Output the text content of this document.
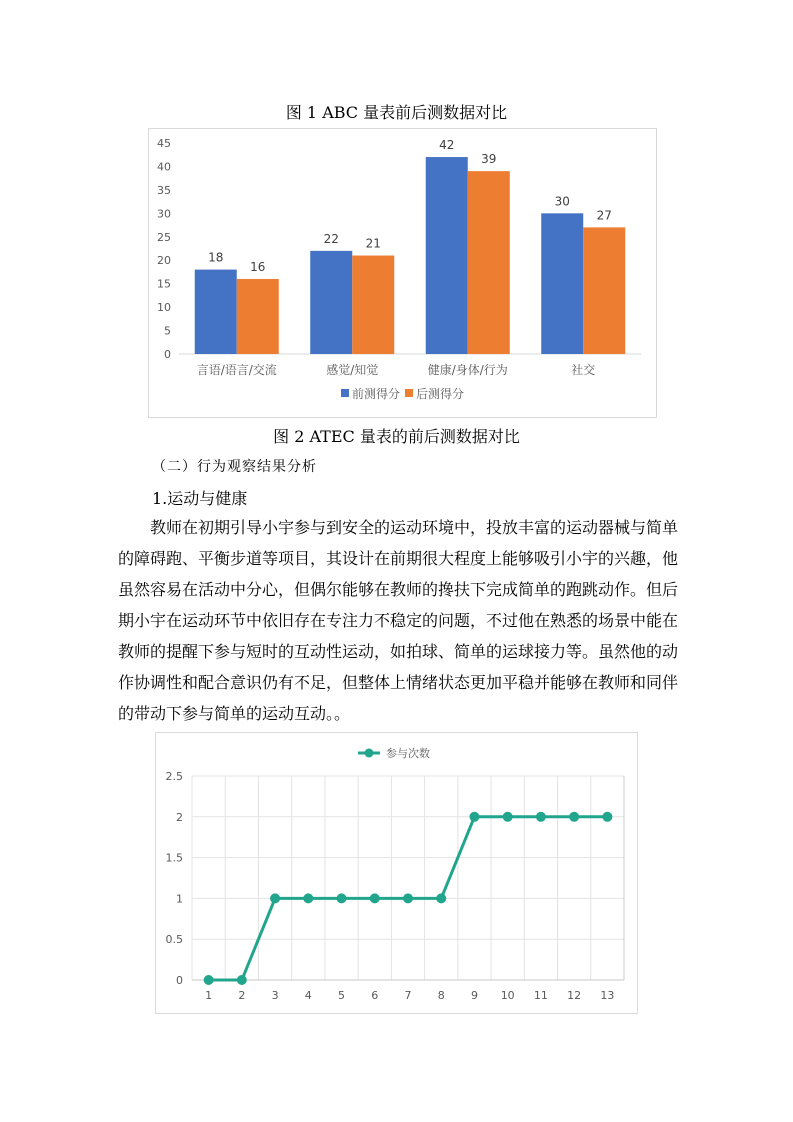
图 1 ABC 量表前后测数据对比
0
5
10
15
20
25
30
35
40
45
18
16
言语/语言/交流
22 21
感觉/知觉
42
39
健康/身体/行为
30
27
社交
前测得分 后测得分
图 2 ATEC 量表的前后测数据对比
（二）行为观察结果分析
1.运动与健康
教师在初期引导小宇参与到安全的运动环境中，投放丰富的运动器械与简单
的障碍跑、平衡步道等项目，其设计在前期很大程度上能够吸引小宇的兴趣，他
虽然容易在活动中分心，但偶尔能够在教师的搀扶下完成简单的跑跳动作。但后
期小宇在运动环节中依旧存在专注力不稳定的问题，不过他在熟悉的场景中能在
教师的提醒下参与短时的互动性运动，如拍球、简单的运球接力等。虽然他的动
作协调性和配合意识仍有不足，但整体上情绪状态更加平稳并能够在教师和同伴
的带动下参与简单的运动互动。。
0
0.5
1
1.5
2
2.5
1 2 3 4 5 6 7 8 9 10 11 12 13
参与次数
